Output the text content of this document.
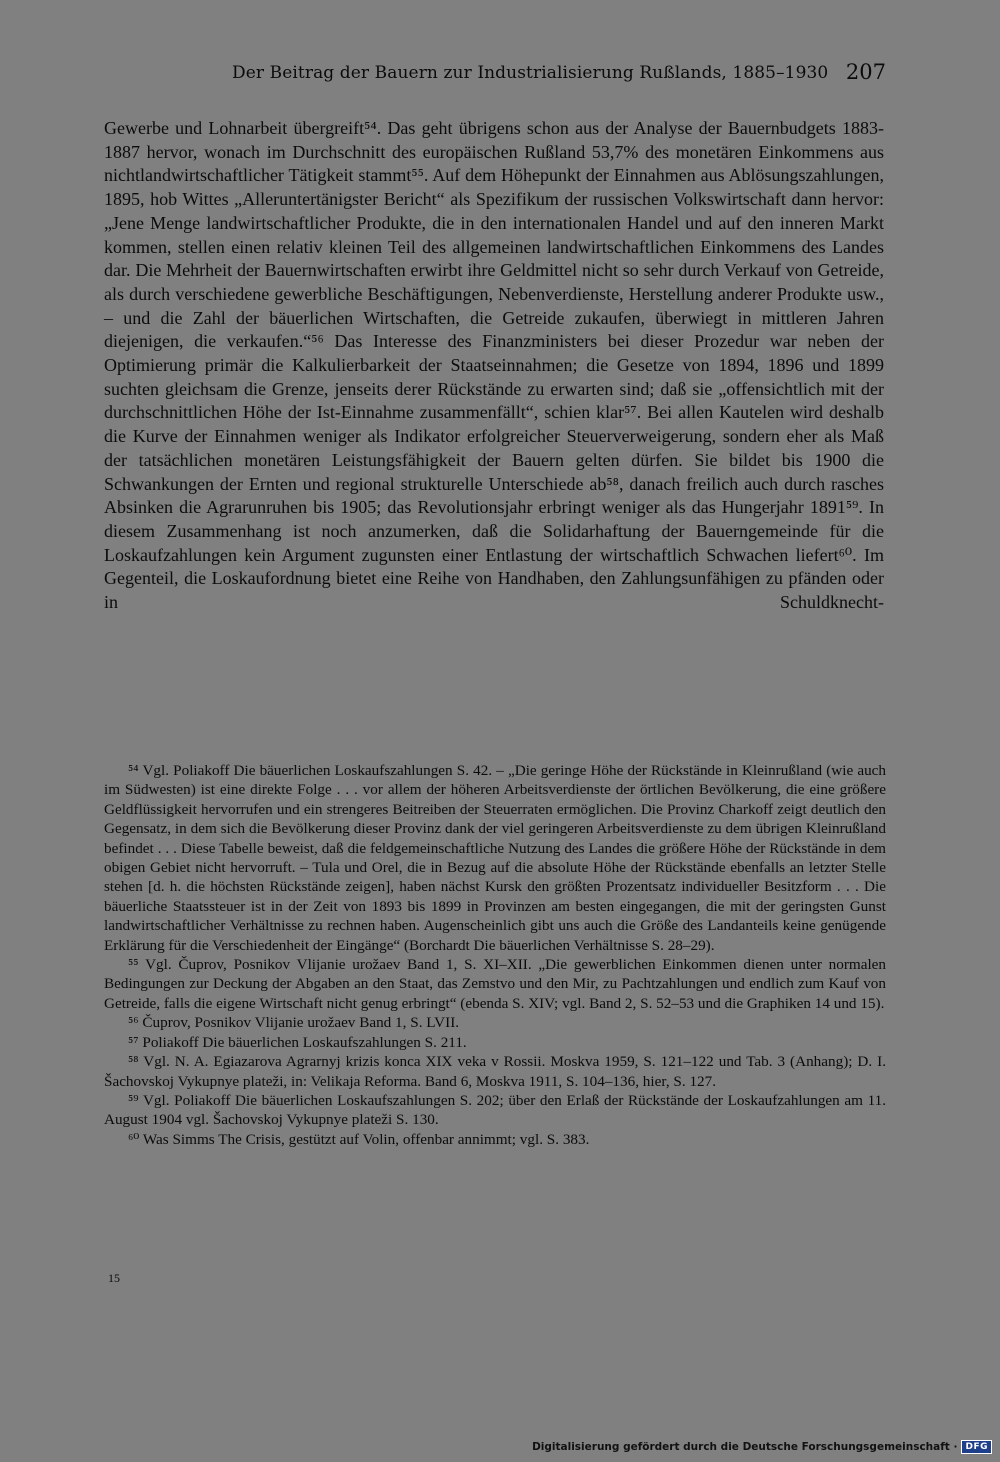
Der Beitrag der Bauern zur Industrialisierung Rußlands, 1885–1930 207

Gewerbe und Lohnarbeit übergreift⁵⁴. Das geht übrigens schon aus der Analyse der Bauernbudgets 1883-1887 hervor, wonach im Durchschnitt des europäischen Rußland 53,7% des monetären Einkommens aus nichtlandwirtschaftlicher Tätigkeit stammt⁵⁵. Auf dem Höhepunkt der Einnahmen aus Ablösungszahlungen, 1895, hob Wittes „Alleruntertänigster Bericht“ als Spezifikum der russischen Volkswirtschaft dann hervor: „Jene Menge landwirtschaftlicher Produkte, die in den internationalen Handel und auf den inneren Markt kommen, stellen einen relativ kleinen Teil des allgemeinen landwirtschaftlichen Einkommens des Landes dar. Die Mehrheit der Bauernwirtschaften erwirbt ihre Geldmittel nicht so sehr durch Verkauf von Getreide, als durch verschiedene gewerbliche Beschäftigungen, Nebenverdienste, Herstellung anderer Produkte usw., – und die Zahl der bäuerlichen Wirtschaften, die Getreide zukaufen, überwiegt in mittleren Jahren diejenigen, die verkaufen.“⁵⁶ Das Interesse des Finanzministers bei dieser Prozedur war neben der Optimierung primär die Kalkulierbarkeit der Staatseinnahmen; die Gesetze von 1894, 1896 und 1899 suchten gleichsam die Grenze, jenseits derer Rückstände zu erwarten sind; daß sie „offensichtlich mit der durchschnittlichen Höhe der Ist-Einnahme zusammenfällt“, schien klar⁵⁷. Bei allen Kautelen wird deshalb die Kurve der Einnahmen weniger als Indikator erfolgreicher Steuerverweigerung, sondern eher als Maß der tatsächlichen monetären Leistungsfähigkeit der Bauern gelten dürfen. Sie bildet bis 1900 die Schwankungen der Ernten und regional strukturelle Unterschiede ab⁵⁸, danach freilich auch durch rasches Absinken die Agrarunruhen bis 1905; das Revolutionsjahr erbringt weniger als das Hungerjahr 1891⁵⁹. In diesem Zusammenhang ist noch anzumerken, daß die Solidarhaftung der Bauerngemeinde für die Loskaufzahlungen kein Argument zugunsten einer Entlastung der wirtschaftlich Schwachen liefert⁶⁰. Im Gegenteil, die Loskaufordnung bietet eine Reihe von Handhaben, den Zahlungsunfähigen zu pfänden oder in Schuldknecht-

⁵⁴ Vgl. Poliakoff Die bäuerlichen Loskaufszahlungen S. 42. – „Die geringe Höhe der Rückstände in Kleinrußland (wie auch im Südwesten) ist eine direkte Folge . . . vor allem der höheren Arbeitsverdienste der örtlichen Bevölkerung, die eine größere Geldflüssigkeit hervorrufen und ein strengeres Beitreiben der Steuerraten ermöglichen. Die Provinz Charkoff zeigt deutlich den Gegensatz, in dem sich die Bevölkerung dieser Provinz dank der viel geringeren Arbeitsverdienste zu dem übrigen Kleinrußland befindet . . . Diese Tabelle beweist, daß die feldgemeinschaftliche Nutzung des Landes die größere Höhe der Rückstände in dem obigen Gebiet nicht hervorruft. – Tula und Orel, die in Bezug auf die absolute Höhe der Rückstände ebenfalls an letzter Stelle stehen [d. h. die höchsten Rückstände zeigen], haben nächst Kursk den größten Prozentsatz individueller Besitzform . . . Die bäuerliche Staatssteuer ist in der Zeit von 1893 bis 1899 in Provinzen am besten eingegangen, die mit der geringsten Gunst landwirtschaftlicher Verhältnisse zu rechnen haben. Augenscheinlich gibt uns auch die Größe des Landanteils keine genügende Erklärung für die Verschiedenheit der Eingänge“ (Borchardt Die bäuerlichen Verhältnisse S. 28–29).

⁵⁵ Vgl. Čuprov, Posnikov Vlijanie urožaev Band 1, S. XI–XII. „Die gewerblichen Einkommen dienen unter normalen Bedingungen zur Deckung der Abgaben an den Staat, das Zemstvo und den Mir, zu Pachtzahlungen und endlich zum Kauf von Getreide, falls die eigene Wirtschaft nicht genug erbringt“ (ebenda S. XIV; vgl. Band 2, S. 52–53 und die Graphiken 14 und 15).

⁵⁶ Čuprov, Posnikov Vlijanie urožaev Band 1, S. LVII.

⁵⁷ Poliakoff Die bäuerlichen Loskaufszahlungen S. 211.

⁵⁸ Vgl. N. A. Egiazarova Agrarnyj krizis konca XIX veka v Rossii. Moskva 1959, S. 121–122 und Tab. 3 (Anhang); D. I. Šachovskoj Vykupnye plateži, in: Velikaja Reforma. Band 6, Moskva 1911, S. 104–136, hier, S. 127.

⁵⁹ Vgl. Poliakoff Die bäuerlichen Loskaufszahlungen S. 202; über den Erlaß der Rückstände der Loskaufzahlungen am 11. August 1904 vgl. Šachovskoj Vykupnye plateži S. 130.

⁶⁰ Was Simms The Crisis, gestützt auf Volin, offenbar annimmt; vgl. S. 383.

15
Digitalisierung gefördert durch die Deutsche Forschungsgemeinschaft · DFG
